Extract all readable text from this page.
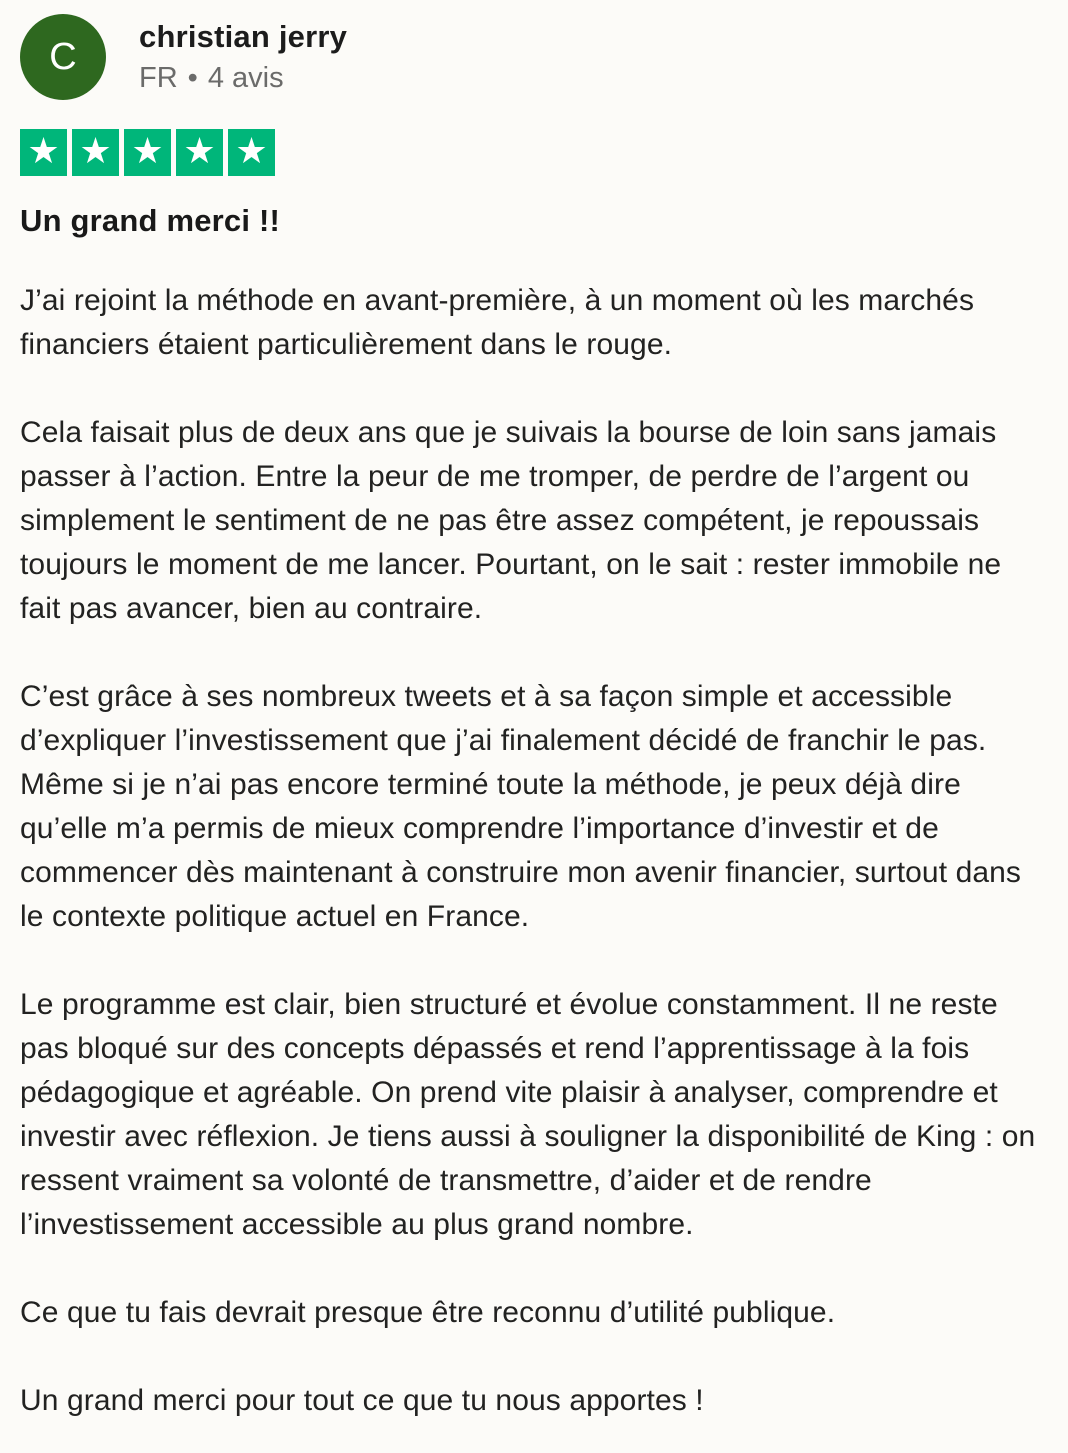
C christian jerry
FR • 4 avis
★
★
★
★
★
Un grand merci !!

J’ai rejoint la méthode en avant-première, à un moment où les marchés financiers étaient particulièrement dans le rouge.

Cela faisait plus de deux ans que je suivais la bourse de loin sans jamais passer à l’action. Entre la peur de me tromper, de perdre de l’argent ou simplement le sentiment de ne pas être assez compétent, je repoussais toujours le moment de me lancer. Pourtant, on le sait : rester immobile ne fait pas avancer, bien au contraire.

C’est grâce à ses nombreux tweets et à sa façon simple et accessible d’expliquer l’investissement que j’ai finalement décidé de franchir le pas. Même si je n’ai pas encore terminé toute la méthode, je peux déjà dire qu’elle m’a permis de mieux comprendre l’importance d’investir et de commencer dès maintenant à construire mon avenir financier, surtout dans le contexte politique actuel en France.

Le programme est clair, bien structuré et évolue constamment. Il ne reste pas bloqué sur des concepts dépassés et rend l’apprentissage à la fois pédagogique et agréable. On prend vite plaisir à analyser, comprendre et investir avec réflexion. Je tiens aussi à souligner la disponibilité de King : on ressent vraiment sa volonté de transmettre, d’aider et de rendre l’investissement accessible au plus grand nombre.

Ce que tu fais devrait presque être reconnu d’utilité publique.

Un grand merci pour tout ce que tu nous apportes !
